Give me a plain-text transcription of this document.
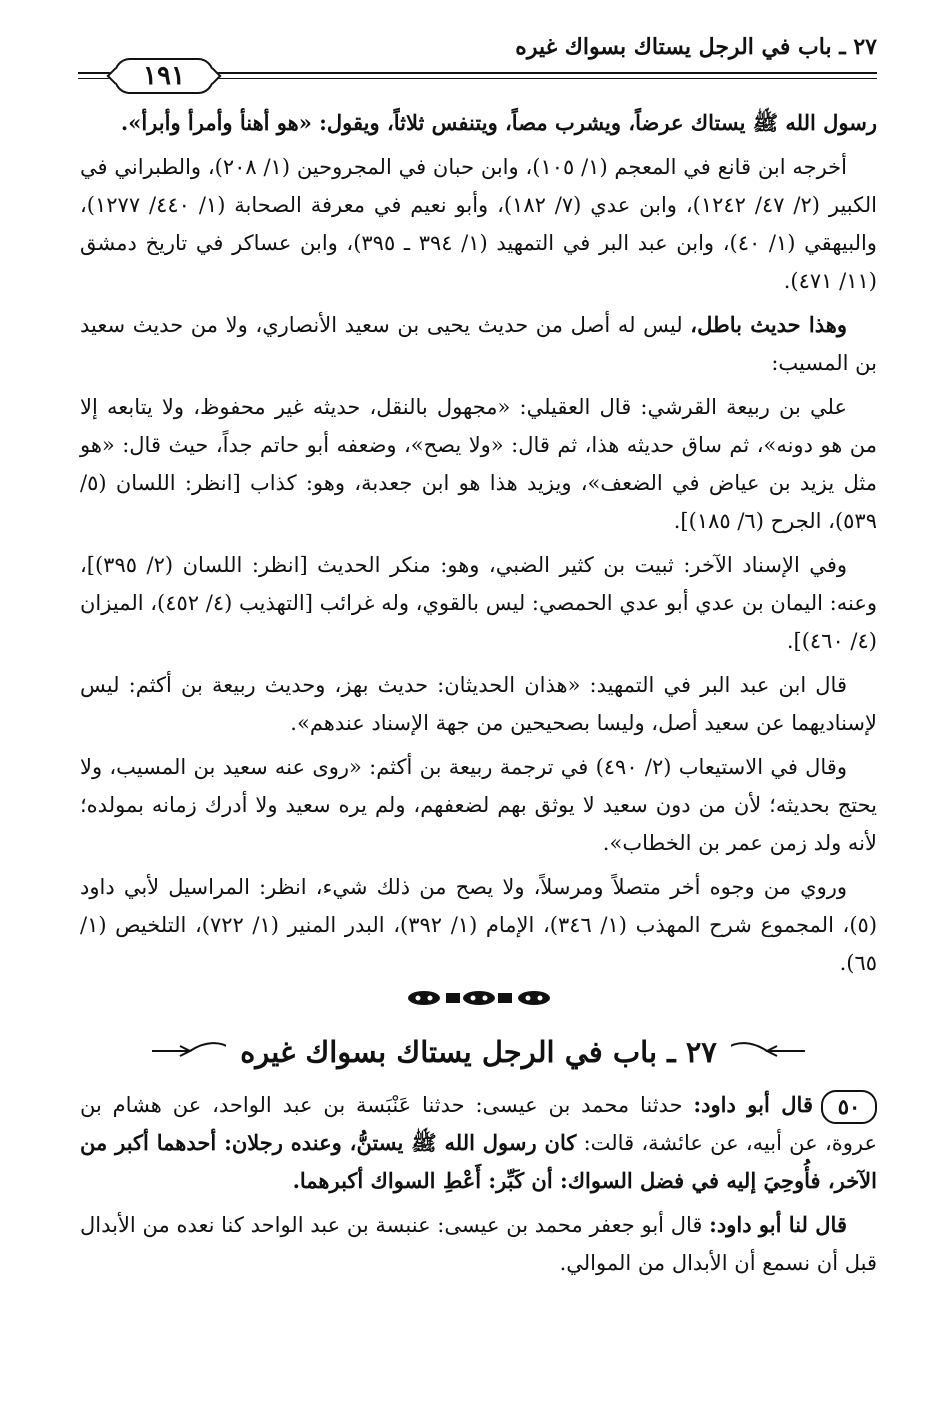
٢٧ ـ باب في الرجل يستاك بسواك غيره
١٩١

رسول الله ﷺ يستاك عرضاً، ويشرب مصاً، ويتنفس ثلاثاً، ويقول: «هو أهنأ وأمرأ وأبرأ».

أخرجه ابن قانع في المعجم (١/ ١٠٥)، وابن حبان في المجروحين (١/ ٢٠٨)، والطبراني في الكبير (٢/ ٤٧/ ١٢٤٢)، وابن عدي (٧/ ١٨٢)، وأبو نعيم في معرفة الصحابة (١/ ٤٤٠/ ١٢٧٧)، والبيهقي (١/ ٤٠)، وابن عبد البر في التمهيد (١/ ٣٩٤ ـ ٣٩٥)، وابن عساكر في تاريخ دمشق (١١/ ٤٧١).

وهذا حديث باطل، ليس له أصل من حديث يحيى بن سعيد الأنصاري، ولا من حديث سعيد بن المسيب:

علي بن ربيعة القرشي: قال العقيلي: «مجهول بالنقل، حديثه غير محفوظ، ولا يتابعه إلا من هو دونه»، ثم ساق حديثه هذا، ثم قال: «ولا يصح»، وضعفه أبو حاتم جداً، حيث قال: «هو مثل يزيد بن عياض في الضعف»، ويزيد هذا هو ابن جعدبة، وهو: كذاب [انظر: اللسان (٥/ ٥٣٩)، الجرح (٦/ ١٨٥)].

وفي الإسناد الآخر: ثبيت بن كثير الضبي، وهو: منكر الحديث [انظر: اللسان (٢/ ٣٩٥)]، وعنه: اليمان بن عدي أبو عدي الحمصي: ليس بالقوي، وله غرائب [التهذيب (٤/ ٤٥٢)، الميزان (٤/ ٤٦٠)].

قال ابن عبد البر في التمهيد: «هذان الحديثان: حديث بهز، وحديث ربيعة بن أكثم: ليس لإسناديهما عن سعيد أصل، وليسا بصحيحين من جهة الإسناد عندهم».

وقال في الاستيعاب (٢/ ٤٩٠) في ترجمة ربيعة بن أكثم: «روى عنه سعيد بن المسيب، ولا يحتج بحديثه؛ لأن من دون سعيد لا يوثق بهم لضعفهم، ولم يره سعيد ولا أدرك زمانه بمولده؛ لأنه ولد زمن عمر بن الخطاب».

وروي من وجوه أخر متصلاً ومرسلاً، ولا يصح من ذلك شيء، انظر: المراسيل لأبي داود (٥)، المجموع شرح المهذب (١/ ٣٤٦)، الإمام (١/ ٣٩٢)، البدر المنير (١/ ٧٢٢)، التلخيص (١/ ٦٥).

٢٧ ـ باب في الرجل يستاك بسواك غيره

٥٠قال أبو داود: حدثنا محمد بن عيسى: حدثنا عَنْبَسة بن عبد الواحد، عن هشام بن عروة، عن أبيه، عن عائشة، قالت: كان رسول الله ﷺ يستنُّ، وعنده رجلان: أحدهما أكبر من الآخر، فأُوحِيَ إليه في فضل السواك: أن كَبِّر: أَعْطِ السواك أكبرهما.

قال لنا أبو داود: قال أبو جعفر محمد بن عيسى: عنبسة بن عبد الواحد كنا نعده من الأبدال قبل أن نسمع أن الأبدال من الموالي.
